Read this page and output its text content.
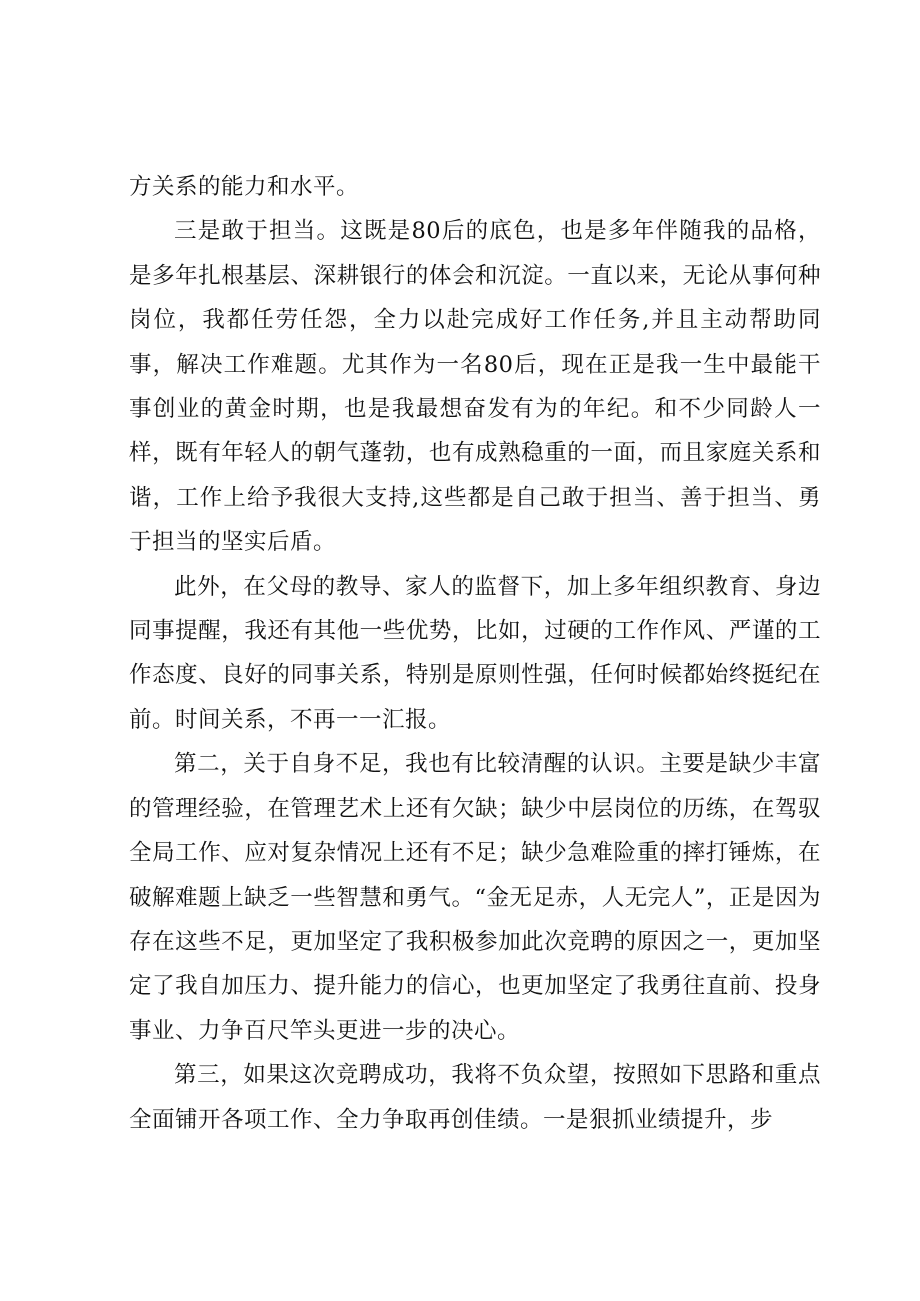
方关系的能力和水平。

三是敢于担当。这既是80后的底色，也是多年伴随我的品格，是多年扎根基层、深耕银行的体会和沉淀。一直以来，无论从事何种岗位，我都任劳任怨，全力以赴完成好工作任务,并且主动帮助同事，解决工作难题。尤其作为一名80后，现在正是我一生中最能干事创业的黄金时期，也是我最想奋发有为的年纪。和不少同龄人一样，既有年轻人的朝气蓬勃，也有成熟稳重的一面，而且家庭关系和谐，工作上给予我很大支持,这些都是自己敢于担当、善于担当、勇于担当的坚实后盾。

此外，在父母的教导、家人的监督下，加上多年组织教育、身边同事提醒，我还有其他一些优势，比如，过硬的工作作风、严谨的工作态度、良好的同事关系，特别是原则性强，任何时候都始终挺纪在前。时间关系，不再一一汇报。

第二，关于自身不足，我也有比较清醒的认识。主要是缺少丰富的管理经验，在管理艺术上还有欠缺；缺少中层岗位的历练，在驾驭全局工作、应对复杂情况上还有不足；缺少急难险重的摔打锤炼，在破解难题上缺乏一些智慧和勇气。“金无足赤，人无完人”，正是因为存在这些不足，更加坚定了我积极参加此次竞聘的原因之一，更加坚定了我自加压力、提升能力的信心，也更加坚定了我勇往直前、投身事业、力争百尺竿头更进一步的决心。

第三，如果这次竞聘成功，我将不负众望，按照如下思路和重点全面铺开各项工作、全力争取再创佳绩。一是狠抓业绩提升，步
